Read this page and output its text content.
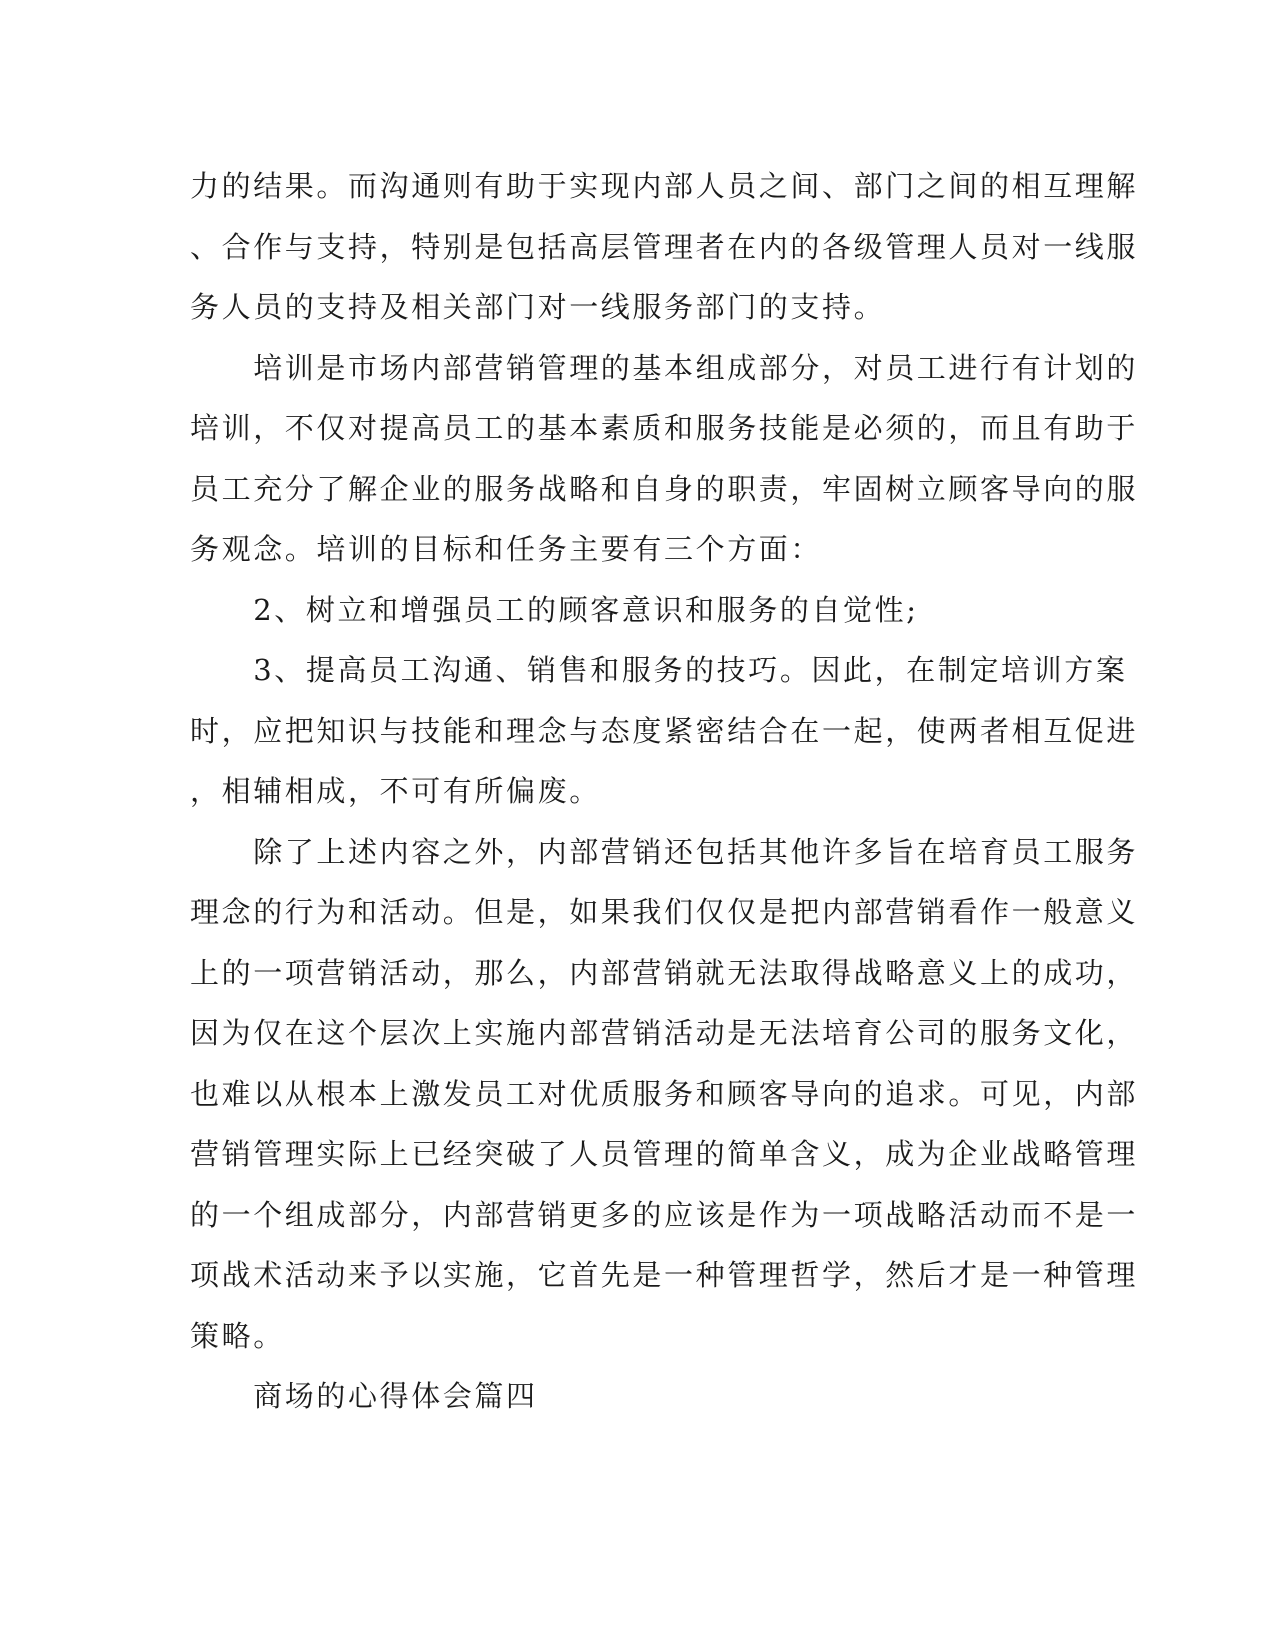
力的结果。而沟通则有助于实现内部人员之间、部门之间的相互理解
、合作与支持，特别是包括高层管理者在内的各级管理人员对一线服
务人员的支持及相关部门对一线服务部门的支持。
　　培训是市场内部营销管理的基本组成部分，对员工进行有计划的
培训，不仅对提高员工的基本素质和服务技能是必须的，而且有助于
员工充分了解企业的服务战略和自身的职责，牢固树立顾客导向的服
务观念。培训的目标和任务主要有三个方面：
　　2、树立和增强员工的顾客意识和服务的自觉性;
　　3、提高员工沟通、销售和服务的技巧。因此，在制定培训方案
时，应把知识与技能和理念与态度紧密结合在一起，使两者相互促进
，相辅相成，不可有所偏废。
　　除了上述内容之外，内部营销还包括其他许多旨在培育员工服务
理念的行为和活动。但是，如果我们仅仅是把内部营销看作一般意义
上的一项营销活动，那么，内部营销就无法取得战略意义上的成功，
因为仅在这个层次上实施内部营销活动是无法培育公司的服务文化，
也难以从根本上激发员工对优质服务和顾客导向的追求。可见，内部
营销管理实际上已经突破了人员管理的简单含义，成为企业战略管理
的一个组成部分，内部营销更多的应该是作为一项战略活动而不是一
项战术活动来予以实施，它首先是一种管理哲学，然后才是一种管理
策略。
　　商场的心得体会篇四
